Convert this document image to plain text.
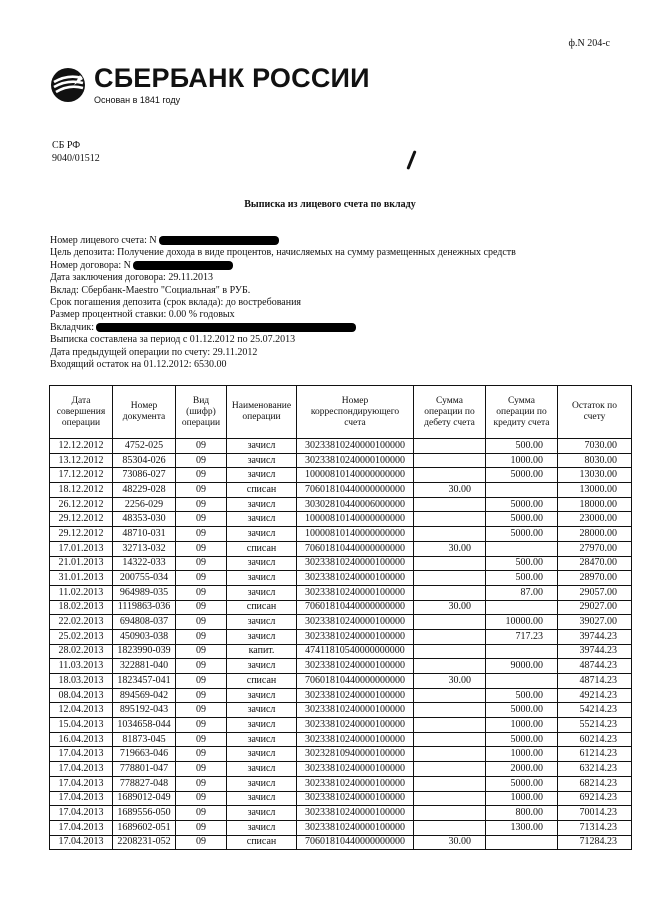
ф.N 204-с
СБЕРБАНК РОССИИ
Основан в 1841 году
СБ РФ
9040/01512
Выписка из лицевого счета по вкладу
Номер лицевого счета: N
Цель депозита: Получение дохода в виде процентов, начисляемых на сумму размещенных денежных средств
Номер договора: N
Дата заключения договора: 29.11.2013
Вклад: Сбербанк-Maestro "Социальная" в РУБ.
Срок погашения депозита (срок вклада): до востребования
Размер процентной ставки: 0.00 % годовых
Вкладчик:
Выписка составлена за период с 01.12.2012 по 25.07.2013
Дата предыдущей операции по счету: 29.11.2012
Входящий остаток на 01.12.2012: 6530.00
Дата совершения операции	Номер документа	Вид (шифр) операции	Наименование операции	Номер корреспондирующего счета	Сумма операции по дебету счета	Сумма операции по кредиту счета	Остаток по счету
12.12.2012	4752-025	09	зачисл	30233810240000100000		500.00	7030.00
13.12.2012	85304-026	09	зачисл	30233810240000100000		1000.00	8030.00
17.12.2012	73086-027	09	зачисл	10000810140000000000		5000.00	13030.00
18.12.2012	48229-028	09	списан	70601810440000000000	30.00		13000.00
26.12.2012	2256-029	09	зачисл	30302810440006000000		5000.00	18000.00
29.12.2012	48353-030	09	зачисл	10000810140000000000		5000.00	23000.00
29.12.2012	48710-031	09	зачисл	10000810140000000000		5000.00	28000.00
17.01.2013	32713-032	09	списан	70601810440000000000	30.00		27970.00
21.01.2013	14322-033	09	зачисл	30233810240000100000		500.00	28470.00
31.01.2013	200755-034	09	зачисл	30233810240000100000		500.00	28970.00
11.02.2013	964989-035	09	зачисл	30233810240000100000		87.00	29057.00
18.02.2013	1119863-036	09	списан	70601810440000000000	30.00		29027.00
22.02.2013	694808-037	09	зачисл	30233810240000100000		10000.00	39027.00
25.02.2013	450903-038	09	зачисл	30233810240000100000		717.23	39744.23
28.02.2013	1823990-039	09	капит.	47411810540000000000			39744.23
11.03.2013	322881-040	09	зачисл	30233810240000100000		9000.00	48744.23
18.03.2013	1823457-041	09	списан	70601810440000000000	30.00		48714.23
08.04.2013	894569-042	09	зачисл	30233810240000100000		500.00	49214.23
12.04.2013	895192-043	09	зачисл	30233810240000100000		5000.00	54214.23
15.04.2013	1034658-044	09	зачисл	30233810240000100000		1000.00	55214.23
16.04.2013	81873-045	09	зачисл	30233810240000100000		5000.00	60214.23
17.04.2013	719663-046	09	зачисл	30232810940000100000		1000.00	61214.23
17.04.2013	778801-047	09	зачисл	30233810240000100000		2000.00	63214.23
17.04.2013	778827-048	09	зачисл	30233810240000100000		5000.00	68214.23
17.04.2013	1689012-049	09	зачисл	30233810240000100000		1000.00	69214.23
17.04.2013	1689556-050	09	зачисл	30233810240000100000		800.00	70014.23
17.04.2013	1689602-051	09	зачисл	30233810240000100000		1300.00	71314.23
17.04.2013	2208231-052	09	списан	70601810440000000000	30.00		71284.23
